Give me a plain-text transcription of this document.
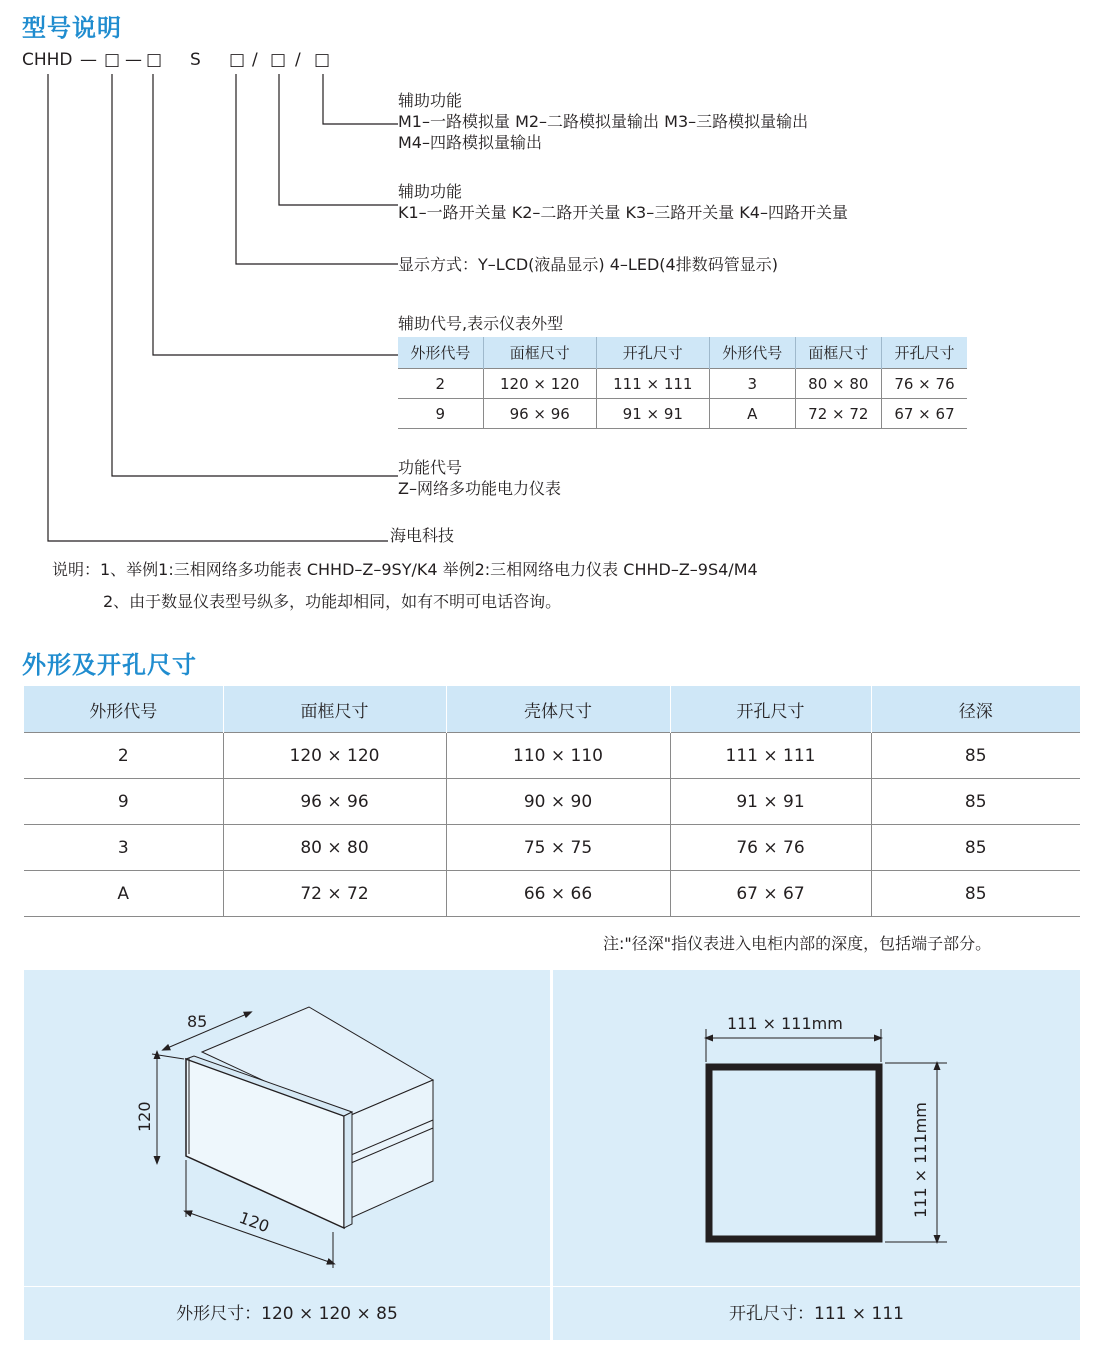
型号说明
CHHD — □ — □ S □ / □ / □
辅助功能
M1–一路模拟量 M2–二路模拟量输出 M3–三路模拟量输出
M4–四路模拟量输出
辅助功能
K1–一路开关量 K2–二路开关量 K3–三路开关量 K4–四路开关量
显示方式：Y–LCD(液晶显示) 4–LED(4排数码管显示)
辅助代号,表示仪表外型
外形代号	面框尺寸	开孔尺寸	外形代号	面框尺寸	开孔尺寸
2	120 × 120	111 × 111	3	80 × 80	76 × 76
9	96 × 96	91 × 91	A	72 × 72	67 × 67
功能代号
Z–网络多功能电力仪表
海电科技
说明：1、举例1:三相网络多功能表 CHHD–Z–9SY/K4 举例2:三相网络电力仪表 CHHD–Z–9S4/M4
2、由于数显仪表型号纵多，功能却相同，如有不明可电话咨询。
外形及开孔尺寸
外形代号	面框尺寸	壳体尺寸	开孔尺寸	径深
2	120 × 120	110 × 110	111 × 111	85
9	96 × 96	90 × 90	91 × 91	85
3	80 × 80	75 × 75	76 × 76	85
A	72 × 72	66 × 66	67 × 67	85
注:"径深"指仪表进入电柜内部的深度，包括端子部分。
85
120
120
外形尺寸：120 × 120 × 85
111 × 111mm
111 × 111mm
开孔尺寸：111 × 111
